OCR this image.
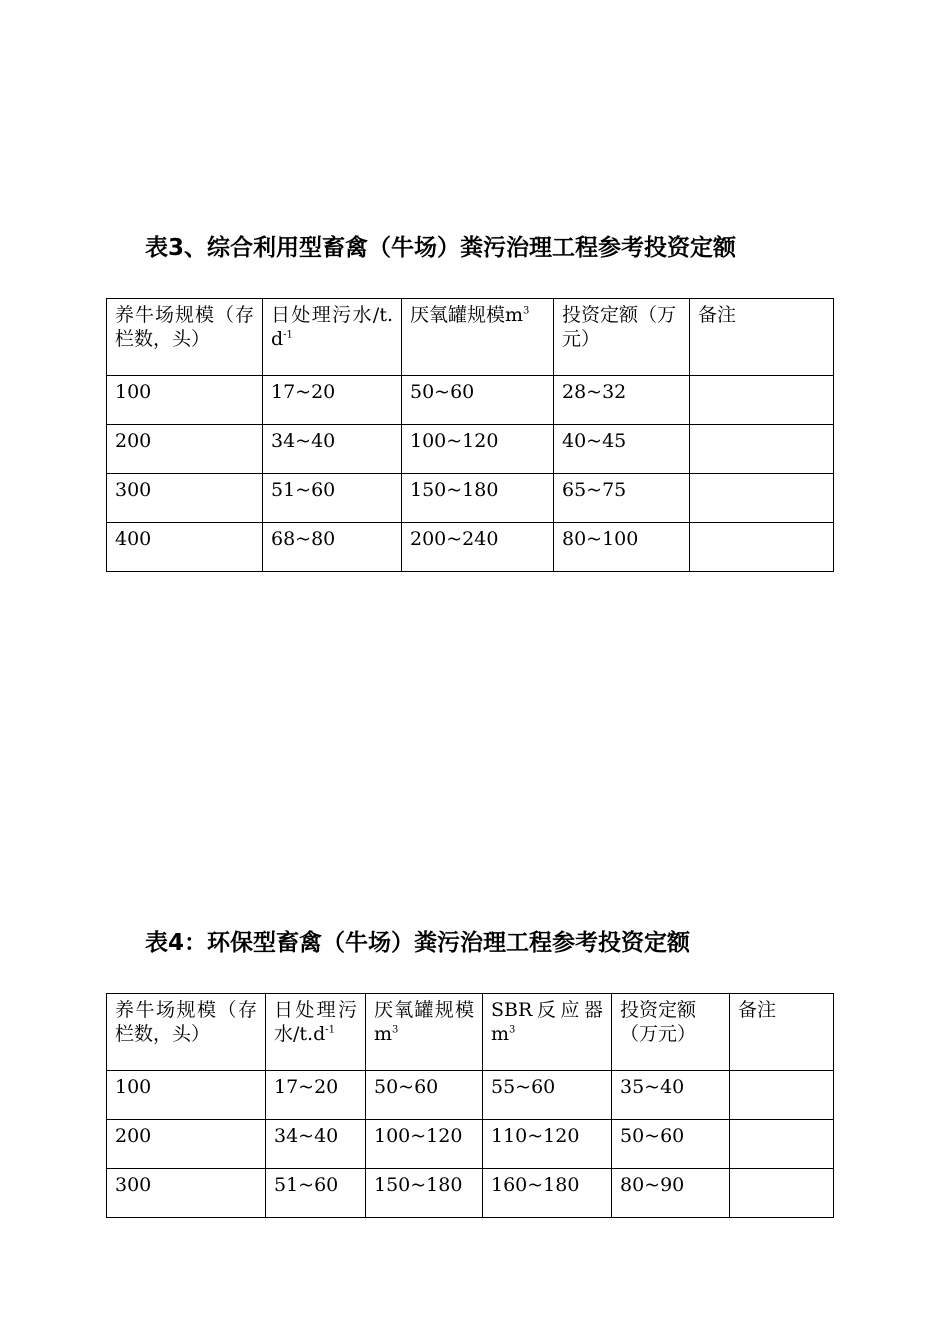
表3、综合利用型畜禽（牛场）粪污治理工程参考投资定额
养牛场规模（存栏数，头）	日处理污水$/t.d^{-1}$	厌氧罐规模$m^3$	投资定额（万元）	备注
100	17~20	50~60	28~32	
200	34~40	100~120	40~45	
300	51~60	150~180	65~75	
400	68~80	200~240	80~100	
表4：环保型畜禽（牛场）粪污治理工程参考投资定额
养牛场规模（存栏数，头）	日处理污水$/t.d^{-1}$	厌氧罐规模$m^3$	SBR反应器$m^3$	投资定额（万元）	备注
100	17~20	50~60	55~60	35~40	
200	34~40	100~120	110~120	50~60	
300	51~60	150~180	160~180	80~90	
